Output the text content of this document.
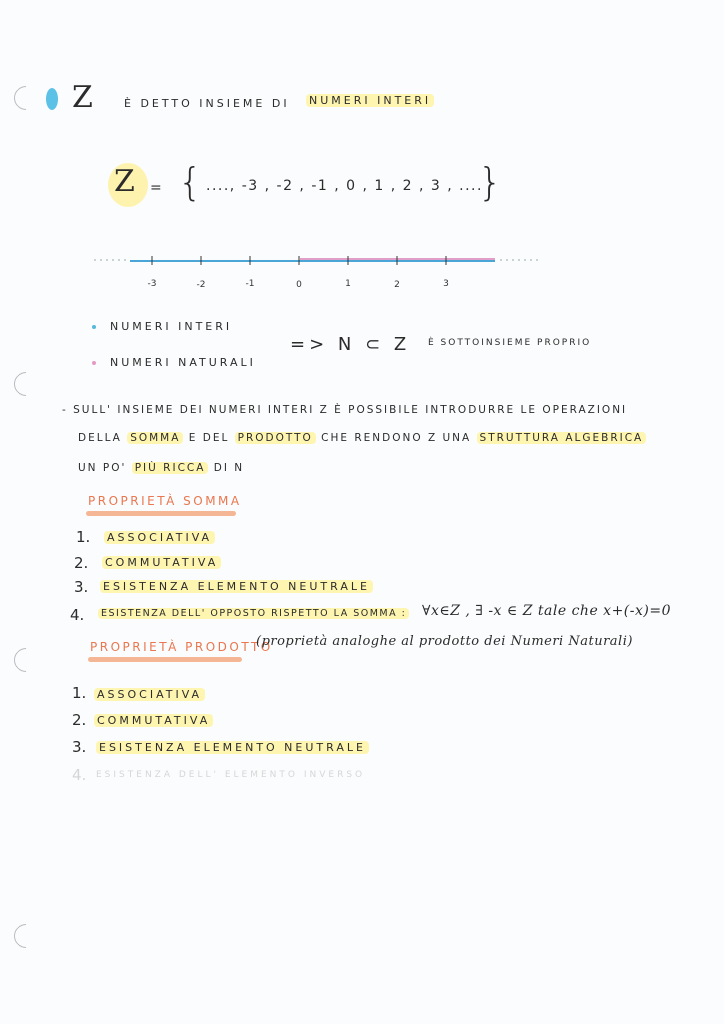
Z	È DETTO INSIEME DI NUMERI INTERI
Z = { ...., -3 , -2 , -1 , 0 , 1 , 2 , 3 , ....
}
-3	-2	-1	0	1	2	3
NUMERI INTERI
NUMERI NATURALI
=> N ⊂ Z È SOTTOINSIEME PROPRIO
- SULL' INSIEME DEI NUMERI INTERI Z È POSSIBILE INTRODURRE LE OPERAZIONI
DELLA SOMMA E DEL PRODOTTO CHE RENDONO Z UNA STRUTTURA ALGEBRICA
UN PO' PIÙ RICCA DI N
PROPRIETÀ SOMMA
1. ASSOCIATIVA
2. COMMUTATIVA
3. ESISTENZA ELEMENTO NEUTRALE
4.	ESISTENZA DELL' OPPOSTO RISPETTO LA SOMMA : ∀x∈Z , ∃ -x ∈ Z tale che x+(-x)=0
PROPRIETÀ PRODOTTO
(proprietà analoghe al prodotto dei Numeri Naturali)
1. ASSOCIATIVA
2. COMMUTATIVA
3. ESISTENZA ELEMENTO NEUTRALE
4. ESISTENZA DELL' ELEMENTO INVERSO
